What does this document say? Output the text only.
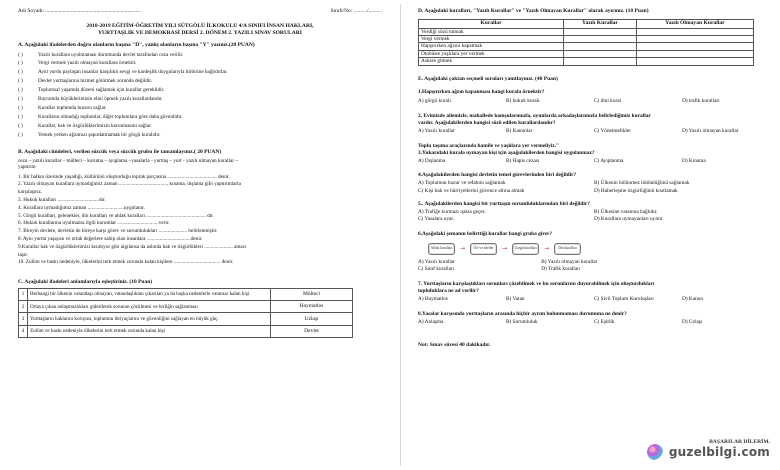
Adı Soyadı: .......................................................................	Sınıfı/No: ........../..........
2018-2019 EĞİTİM-ÖĞRETİM YILI SÜTGÖLÜ İLKOKULU 4/A SINIFI İNSAN HAKLARI,
YURTTAŞLIK VE DEMOKRASİ DERSİ 2. DÖNEM 2. YAZILI SINAV SORULARI
A. Aşağıdaki ifadelerden doğru olanların başına "D", yanlış olanların başına "Y" yazınız.(20 PUAN)
( )	Yazılı kurallara uyulmaması durumunda devlet tarafından ceza verilir.
( )	Vergi vermek yazılı olmayan kurallara örnektir.
( )	Ayni yurdu paylaşan insanlar karşılıklı sevgi ve kardeşlik duygularıyla birbirine bağlıdırlar.
( )	Devlet yurttaşlarına hizmet götürmek zorunda değildir.
( )	Toplumsal yaşamda düzeni sağlamak için kurallar gereklidir.
( )	Bayramda büyüklerimizin elini öpmek yazılı kurallardandır.
( )	Kurallar toplumda huzuru sağlar.
( )	Kuralların olmadığı toplumlar, diğer toplumlara göre daha güvenlidir.
( )	Kurallar, hak ve özgürlüklerimizin korunmasını sağlar.
( )	Yemek yerken ağzımızı şapırdatmamak bir görgü kuralıdır.
B. Aşağıdaki cümleleri, verilen sözcük veya sözcük grubu ile tamamlayınız.( 20 PUAN)
ceza – yazılı kurallar – mülteci – koruma – ayıplama –yasalarla - yurttaş – yurt - yazılı olmayan kurallar –
yaptırım
1. Bir halkın üzerinde yaşadığı, kültürünü oluşturduğu toprak parçasına ...................................... denir.
2. Yazılı olmayan kurallara uymadığımız zaman ....................................., kınama, dışlama gibi yaptırımlarla
karşılaşırız.
3. Hukuk kuralları ................................dır.
4. Kurallara uymadığımız zaman ............................uygulanır.
5. Görgü kuralları, gelenekler, din kuralları ve ahlak kuralları .............................................. dır.
6. Hukuk kurallarına uyulmazsa ilgili kurumlar ................................verir.
7. Bireyin devlete, devletin de bireye karşı görev ve sorumlulukları ...................... belirlenmiştir.
8. Aynı yurtta yaşayan ve ortak değerlere sahip olan insanlara ..................................denir.
9.Kurallar hak ve özgürlüklerimizi kısıtlıyor gibi algılansa da aslında hak ve özgürlükleri ...................... amacı
taşır.
10. Zulüm ve baskı nedeniyle, ülkelerini terk etmek zorunda kalan kişilere .................................... denir.
C. Aşağıdaki ifadeleri anlamlarıyla eşleştiriniz. (10 Puan)
1	Herhangi bir ülkenin vatandaşı olmayan, vatandaşlıktan çıkarılan ya da başka nedenlerle vatansız kalan kişi	Mülteci
2	Ortaya çıkan anlaşmazlıkları giderilerek sorunun çözülmesi ve birliğin sağlanması	Haymatlos
3	Yurttaşların haklarını koruyan, toplumun ihtiyaçlarını ve güvenliğini sağlayan en büyük güç.	Uzlaşı
4	Zulüm ve baskı nedeniyle ülkelerini terk etmek zorunda kalan kişi	Devlet
D. Aşağıdaki kuralları, "Yazılı Kurallar" ve "Yazılı Olmayan Kurallar" olarak ayırınız. (10 Puan)
Kurallar	Yazılı Kurallar	Yazılı Olmayan Kurallar
Verdiği sözü tutmak		
Vergi vermek		
Hapşırırken ağzını kapatmak		
Otobüste yaşlılara yer vermek		
Askere gitmek		
E. Aşağıdaki çoktan seçmeli soruları yanıtlayınız. (40 Puan)
1.Hapşırırken ağzın kapanması hangi kurala örnektir?
A) görgü kuralı	B) hukuk kuralı	C) dini kural	D) trafik kuralları
2. Evimizde ailemizle, mahallede komşularımızla, oyunlarda arkadaşlarımızla belirlediğimiz kurallar
vardır. Aşağıdakilerden hangisi sözü edilen kurallardandır?
A) Yazılı kurallar	B) Kanunlar	C) Yönetmelikler	D) Yazılı olmayan kurallar
Toplu taşıma araçlarında hamile ve yaşlılara yer vermeliyiz."
3.Yukarıdaki kurala uymayan kişi için aşağıdakilerden hangisi uygulanmaz?
A) Dışlanma	B) Hapis cezası	C) Ayıplanma	D) Kınama
4.Aşağıdakilerden hangisi devletin temel görevlerinden biri değildir?
A) Toplumun huzur ve refahını sağlamak	B) Ülkenin bölünmez bütünlüğünü sağlamak
C) Kişi hak ve hürriyetlerini güvence altına almak	D) Haberleşme özgürlüğünü kısıtlamak
5.. Aşağıdakilerden hangisi bir yurttaşın sorumluluklarından biri değildir?
A) Trafiğe kurmazı ışıkta geçer.	B) Ülkesine vatanına bağlıdır.
C) Yasalara uyar.	D) Kurallara uymayanları uyarır.
6.Aşağıdaki şemanın belirttiği kurallar hangi gruba girer?
Ahlak kuralları	→	Örf ve adetler	→	Görgü kuralları	→	Din kuralları
A) Yazılı kurallar	B) Yazılı olmayan kurallar
C) Sınıf kuralları	D) Trafik kuralları
7. Yurttaşların karşılaştıkları sorunları çözebilmek ve bu sorunlarını duyurabilmek için oluşturdukları
topluluklara ne ad verilir?
A) Haymatlos	B) Vatan	C) Sivil Toplum Kuruluşları	D) Kanun
8.Yasalar karşısında yurttaşların arasında hiçbir ayrım bulunmaması durumuna ne denir?
A) Anlaşma	B) Sorumluluk	C) Eşitlik	D) Uzlaşı
Not: Sınav süresi 40 dakikadır.
BAŞARILAR DİLERİM.
guzelbilgi.com
